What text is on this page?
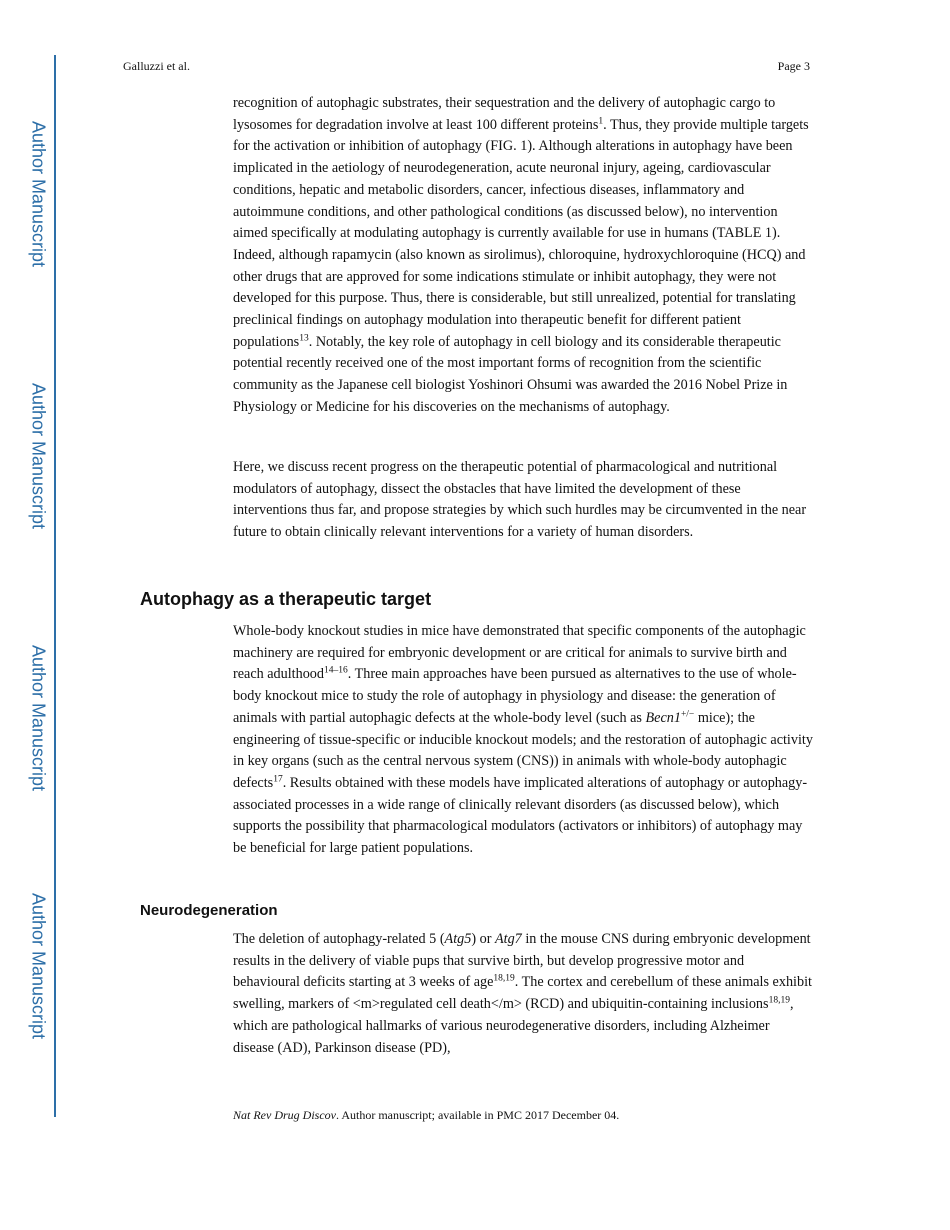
Author Manuscript
Author Manuscript
Author Manuscript
Author Manuscript
Galluzzi et al.	Page 3

recognition of autophagic substrates, their sequestration and the delivery of autophagic cargo to lysosomes for degradation involve at least 100 different proteins$^1$. Thus, they provide multiple targets for the activation or inhibition of autophagy (FIG. 1). Although alterations in autophagy have been implicated in the aetiology of neurodegeneration, acute neuronal injury, ageing, cardiovascular conditions, hepatic and metabolic disorders, cancer, infectious diseases, inflammatory and autoimmune conditions, and other pathological conditions (as discussed below), no intervention aimed specifically at modulating autophagy is currently available for use in humans (TABLE 1). Indeed, although rapamycin (also known as sirolimus), chloroquine, hydroxychloroquine (HCQ) and other drugs that are approved for some indications stimulate or inhibit autophagy, they were not developed for this purpose. Thus, there is considerable, but still unrealized, potential for translating preclinical findings on autophagy modulation into therapeutic benefit for different patient populations$^{13}$. Notably, the key role of autophagy in cell biology and its considerable therapeutic potential recently received one of the most important forms of recognition from the scientific community as the Japanese cell biologist Yoshinori Ohsumi was awarded the 2016 Nobel Prize in Physiology or Medicine for his discoveries on the mechanisms of autophagy.

Here, we discuss recent progress on the therapeutic potential of pharmacological and nutritional modulators of autophagy, dissect the obstacles that have limited the development of these interventions thus far, and propose strategies by which such hurdles may be circumvented in the near future to obtain clinically relevant interventions for a variety of human disorders.

Autophagy as a therapeutic target

Whole-body knockout studies in mice have demonstrated that specific components of the autophagic machinery are required for embryonic development or are critical for animals to survive birth and reach adulthood$^{14-16}$. Three main approaches have been pursued as alternatives to the use of whole-body knockout mice to study the role of autophagy in physiology and disease: the generation of animals with partial autophagic defects at the whole-body level (such as Becn1+/− mice); the engineering of tissue-specific or inducible knockout models; and the restoration of autophagic activity in key organs (such as the central nervous system (CNS)) in animals with whole-body autophagic defects$^{17}$. Results obtained with these models have implicated alterations of autophagy or autophagy-associated processes in a wide range of clinically relevant disorders (as discussed below), which supports the possibility that pharmacological modulators (activators or inhibitors) of autophagy may be beneficial for large patient populations.

Neurodegeneration

The deletion of autophagy-related 5 (Atg5) or Atg7 in the mouse CNS during embryonic development results in the delivery of viable pups that survive birth, but develop progressive motor and behavioural deficits starting at 3 weeks of age$^{18,19}$. The cortex and cerebellum of these animals exhibit swelling, markers of <m>regulated cell death</m> (RCD) and ubiquitin-containing inclusions$^{18,19}$, which are pathological hallmarks of various neurodegenerative disorders, including Alzheimer disease (AD), Parkinson disease (PD),

Nat Rev Drug Discov. Author manuscript; available in PMC 2017 December 04.
